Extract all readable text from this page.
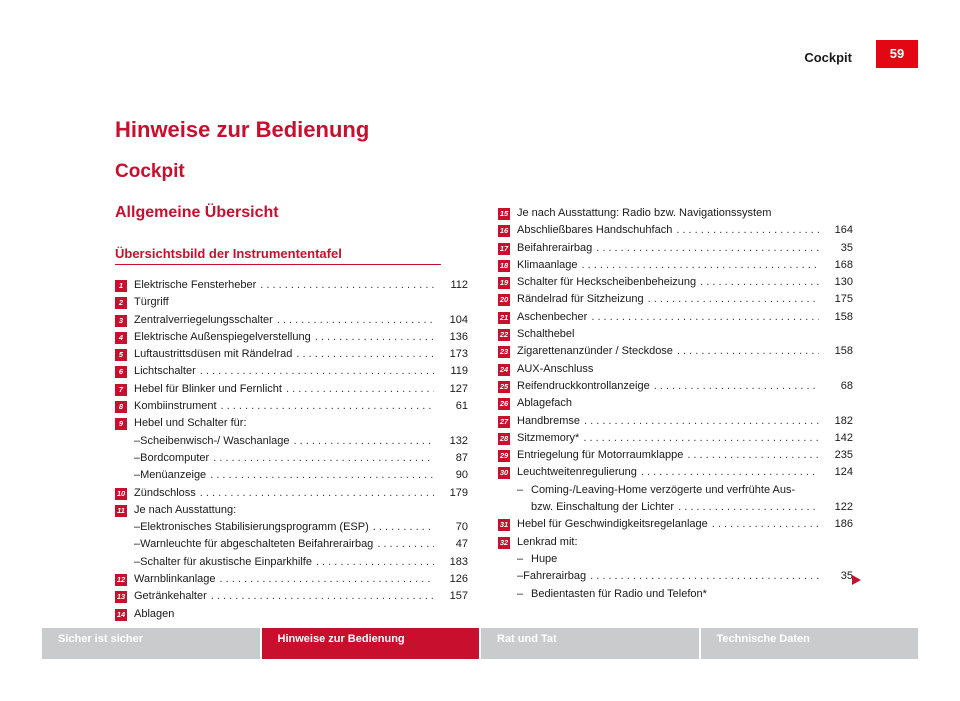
Cockpit	59
Hinweise zur Bedienung
Cockpit
Allgemeine Übersicht
Übersichtsbild der Instrumententafel
1 Elektrische Fensterheber . . .	112
2 Türgriff
3 Zentralverriegelungsschalter . . .	104
4 Elektrische Außenspiegelverstellung . . .	136
5 Luftaustrittsdüsen mit Rändelrad . . .	173
6 Lichtschalter . . .	119
7 Hebel für Blinker und Fernlicht . . .	127
8 Kombiinstrument . . .	61
9 Hebel und Schalter für:
– Scheibenwisch-/ Waschanlage . . .	132
– Bordcomputer . . .	87
– Menüanzeige . . .	90
10 Zündschloss . . .	179
11 Je nach Ausstattung:
– Elektronisches Stabilisierungsprogramm (ESP) . . .	70
– Warnleuchte für abgeschalteten Beifahrerairbag . . .	47
– Schalter für akustische Einparkhilfe . . .	183
12 Warnblinkanlage . . .	126
13 Getränkehalter . . .	157
14 Ablagen
15 Je nach Ausstattung: Radio bzw. Navigationssystem
16 Abschließbares Handschuhfach . . .	164
17 Beifahrerairbag . . .	35
18 Klimaanlage . . .	168
19 Schalter für Heckscheibenbeheizung . . .	130
20 Rändelrad für Sitzheizung . . .	175
21 Aschenbecher . . .	158
22 Schalthebel
23 Zigarettenanzünder / Steckdose . . .	158
24 AUX-Anschluss
25 Reifendruckkontrollanzeige . . .	68
26 Ablagefach
27 Handbremse . . .	182
28 Sitzmemory* . . .	142
29 Entriegelung für Motorraumklappe . . .	235
30 Leuchtweitenregulierung . . .	124
– Coming-/Leaving-Home verzögerte und verfrühte Aus-
bzw. Einschaltung der Lichter . . .	122
31 Hebel für Geschwindigkeitsregelanlage . . .	186
32 Lenkrad mit:
– Hupe
– Fahrerairbag . . .	35
– Bedientasten für Radio und Telefon*
Sicher ist sicher	Hinweise zur Bedienung	Rat und Tat	Technische Daten
